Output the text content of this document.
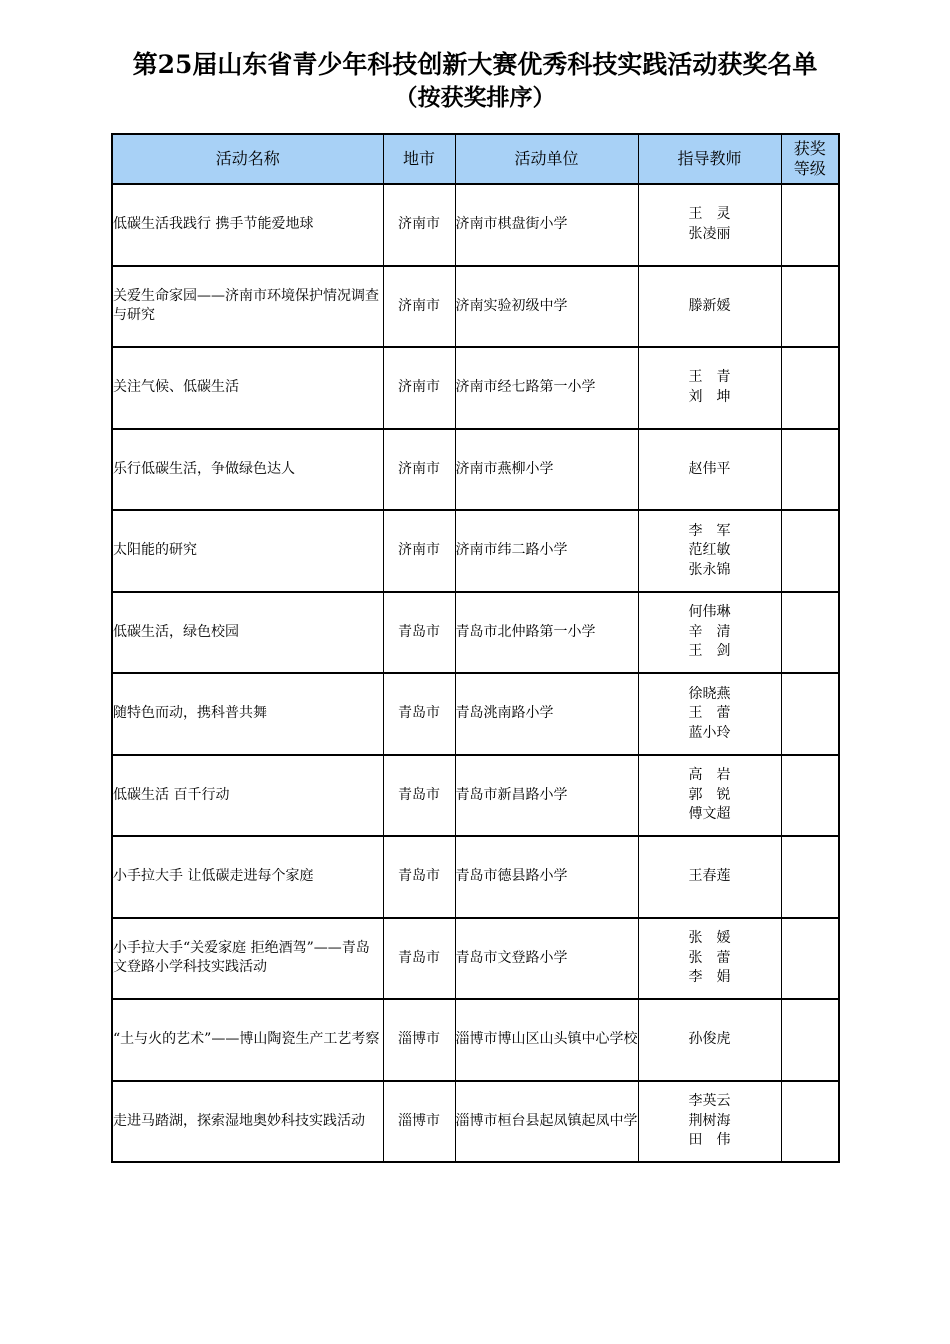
第25届山东省青少年科技创新大赛优秀科技实践活动获奖名单
（按获奖排序）
活动名称	地市	活动单位	指导教师	获奖
等级

低碳生活我践行 携手节能爱地球	济南市	济南市棋盘街小学	王　灵
张凌丽	
关爱生命家园——济南市环境保护情况调查与研究	济南市	济南实验初级中学	滕新媛	
关注气候、低碳生活	济南市	济南市经七路第一小学	王　青
刘　坤	
乐行低碳生活，争做绿色达人	济南市	济南市燕柳小学	赵伟平	
太阳能的研究	济南市	济南市纬二路小学	李　军
范红敏
张永锦	
低碳生活，绿色校园	青岛市	青岛市北仲路第一小学	何伟琳
辛　清
王　剑	
随特色而动，携科普共舞	青岛市	青岛洮南路小学	徐晓燕
王　蕾
蓝小玲	
低碳生活 百千行动	青岛市	青岛市新昌路小学	高　岩
郭　锐
傅文超	
小手拉大手 让低碳走进每个家庭	青岛市	青岛市德县路小学	王春莲	
小手拉大手“关爱家庭 拒绝酒驾”——青岛文登路小学科技实践活动	青岛市	青岛市文登路小学	张　媛
张　蕾
李　娟	
“土与火的艺术”——博山陶瓷生产工艺考察	淄博市	淄博市博山区山头镇中心学校	孙俊虎	
走进马踏湖，探索湿地奥妙科技实践活动	淄博市	淄博市桓台县起凤镇起凤中学	李英云
荆树海
田　伟	
